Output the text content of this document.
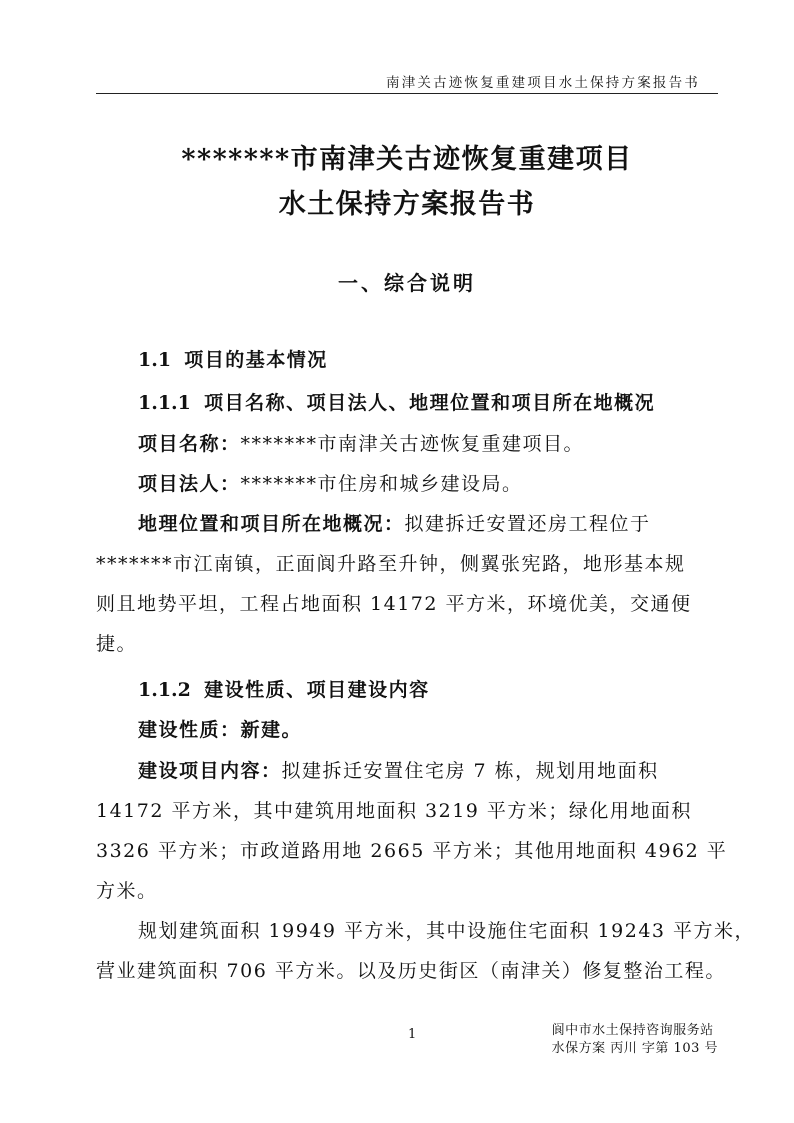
南津关古迹恢复重建项目水土保持方案报告书
*******市南津关古迹恢复重建项目
水土保持方案报告书
一、综合说明
1.1 项目的基本情况
1.1.1 项目名称、项目法人、地理位置和项目所在地概况
项目名称：*******市南津关古迹恢复重建项目。
项目法人：*******市住房和城乡建设局。
地理位置和项目所在地概况：拟建拆迁安置还房工程位于
*******市江南镇，正面阆升路至升钟，侧翼张宪路，地形基本规
则且地势平坦，工程占地面积 14172 平方米，环境优美，交通便
捷。
1.1.2 建设性质、项目建设内容
建设性质：新建。
建设项目内容：拟建拆迁安置住宅房 7 栋，规划用地面积
14172 平方米，其中建筑用地面积 3219 平方米；绿化用地面积
3326 平方米；市政道路用地 2665 平方米；其他用地面积 4962 平
方米。
规划建筑面积 19949 平方米，其中设施住宅面积 19243 平方米，
营业建筑面积 706 平方米。以及历史街区（南津关）修复整治工程。
1	阆中市水土保持咨询服务站
水保方案 丙川 字第 103 号
